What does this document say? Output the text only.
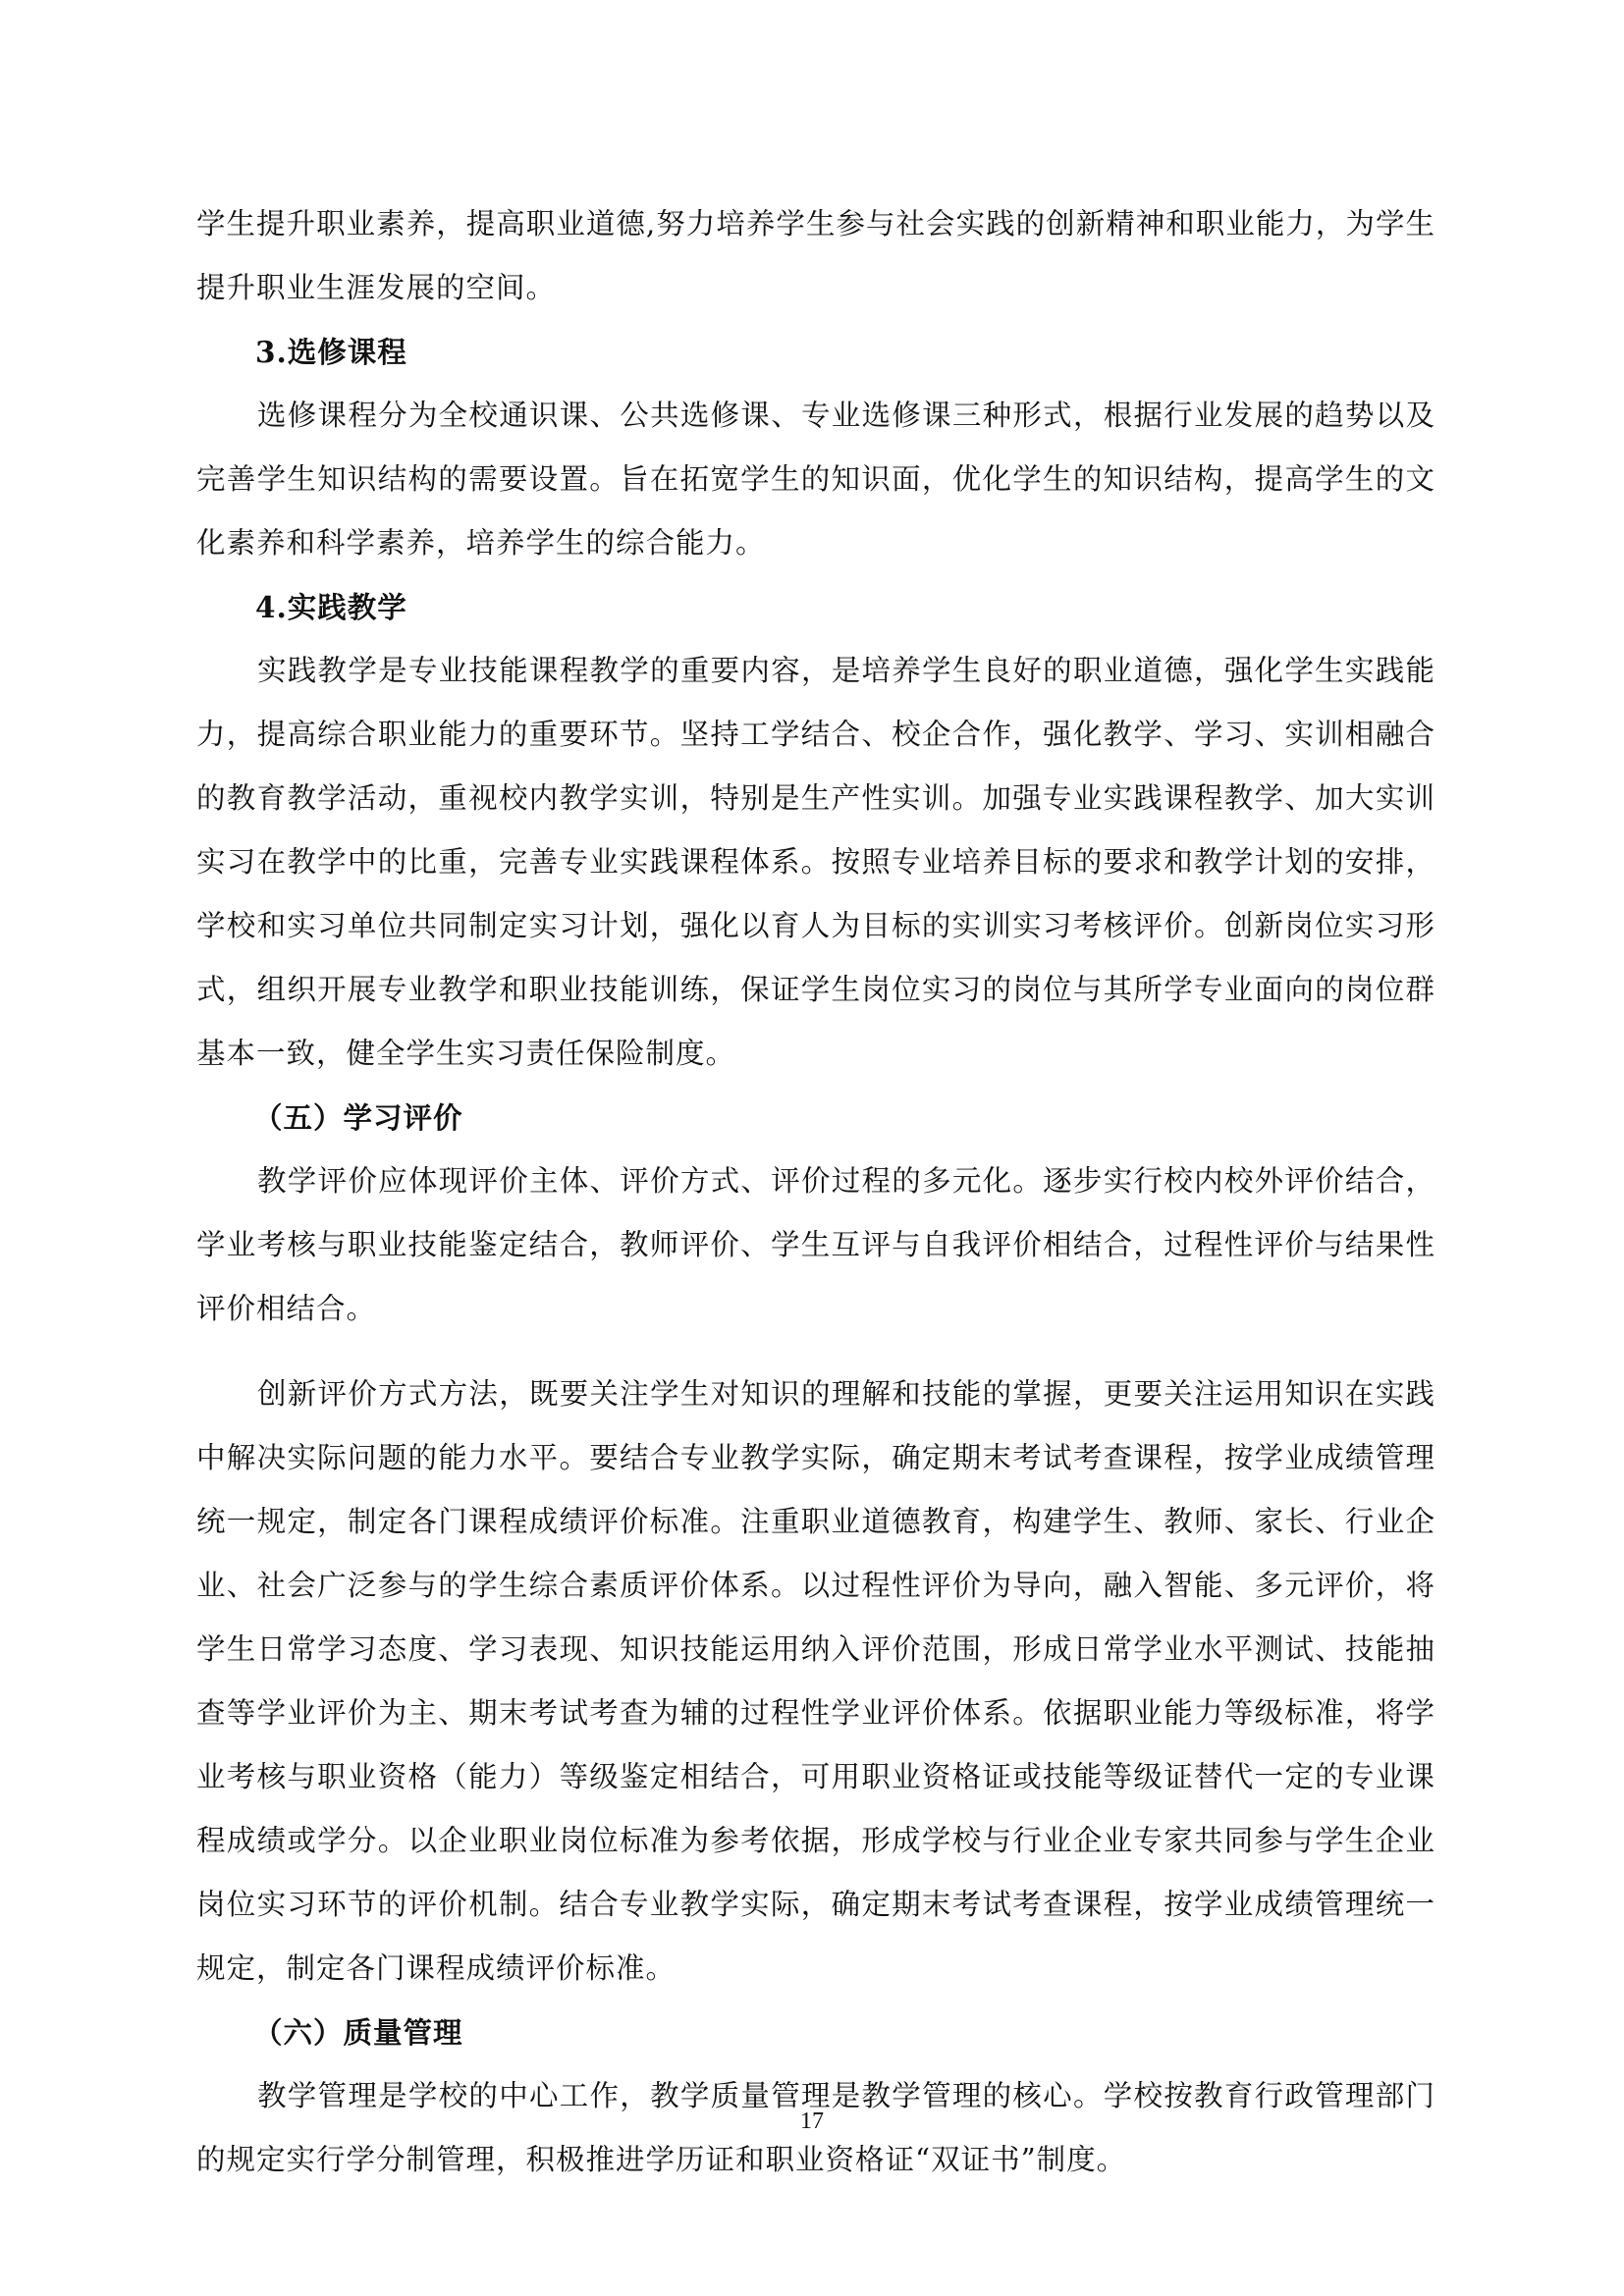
学生提升职业素养，提高职业道德,努力培养学生参与社会实践的创新精神和职业能力，为学生提升职业生涯发展的空间。

3.选修课程

选修课程分为全校通识课、公共选修课、专业选修课三种形式，根据行业发展的趋势以及完善学生知识结构的需要设置。旨在拓宽学生的知识面，优化学生的知识结构，提高学生的文化素养和科学素养，培养学生的综合能力。

4.实践教学

实践教学是专业技能课程教学的重要内容，是培养学生良好的职业道德，强化学生实践能力，提高综合职业能力的重要环节。坚持工学结合、校企合作，强化教学、学习、实训相融合的教育教学活动，重视校内教学实训，特别是生产性实训。加强专业实践课程教学、加大实训实习在教学中的比重，完善专业实践课程体系。按照专业培养目标的要求和教学计划的安排，学校和实习单位共同制定实习计划，强化以育人为目标的实训实习考核评价。创新岗位实习形式，组织开展专业教学和职业技能训练，保证学生岗位实习的岗位与其所学专业面向的岗位群基本一致，健全学生实习责任保险制度。

（五）学习评价

教学评价应体现评价主体、评价方式、评价过程的多元化。逐步实行校内校外评价结合，学业考核与职业技能鉴定结合，教师评价、学生互评与自我评价相结合，过程性评价与结果性评价相结合。

创新评价方式方法，既要关注学生对知识的理解和技能的掌握，更要关注运用知识在实践中解决实际问题的能力水平。要结合专业教学实际，确定期末考试考查课程，按学业成绩管理统一规定，制定各门课程成绩评价标准。注重职业道德教育，构建学生、教师、家长、行业企业、社会广泛参与的学生综合素质评价体系。以过程性评价为导向，融入智能、多元评价，将学生日常学习态度、学习表现、知识技能运用纳入评价范围，形成日常学业水平测试、技能抽查等学业评价为主、期末考试考查为辅的过程性学业评价体系。依据职业能力等级标准，将学业考核与职业资格（能力）等级鉴定相结合，可用职业资格证或技能等级证替代一定的专业课程成绩或学分。以企业职业岗位标准为参考依据，形成学校与行业企业专家共同参与学生企业岗位实习环节的评价机制。结合专业教学实际，确定期末考试考查课程，按学业成绩管理统一规定，制定各门课程成绩评价标准。

（六）质量管理

教学管理是学校的中心工作，教学质量管理是教学管理的核心。学校按教育行政管理部门的规定实行学分制管理，积极推进学历证和职业资格证“双证书”制度。

17
